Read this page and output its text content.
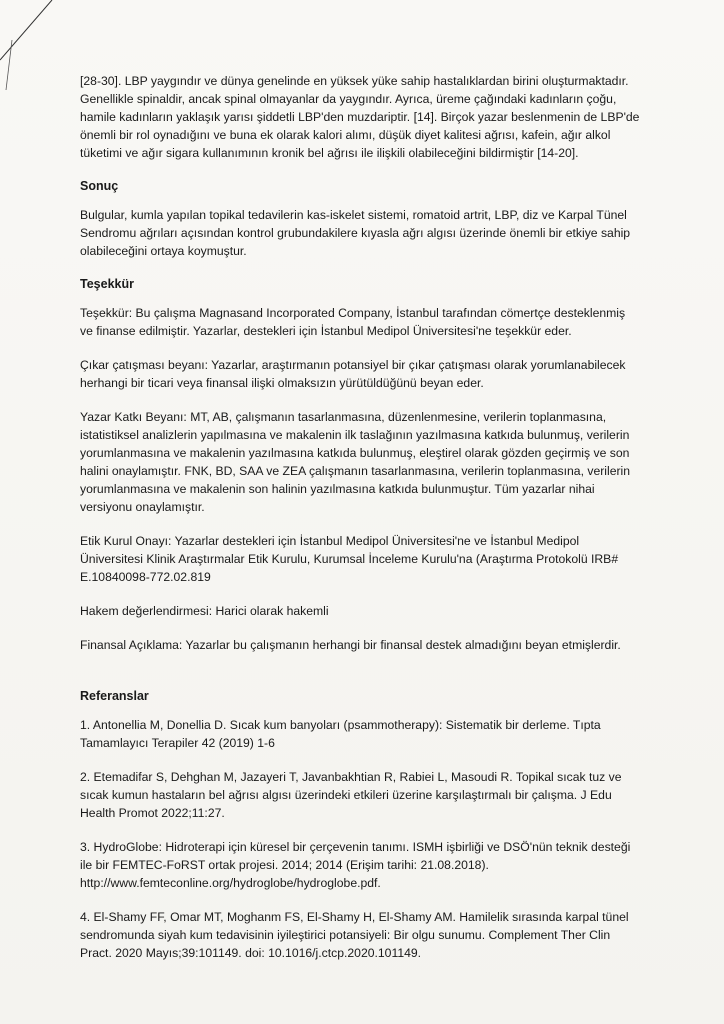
[28-30]. LBP yaygındır ve dünya genelinde en yüksek yüke sahip hastalıklardan birini oluşturmaktadır. Genellikle spinaldir, ancak spinal olmayanlar da yaygındır. Ayrıca, üreme çağındaki kadınların çoğu, hamile kadınların yaklaşık yarısı şiddetli LBP'den muzdariptir. [14]. Birçok yazar beslenmenin de LBP'de önemli bir rol oynadığını ve buna ek olarak kalori alımı, düşük diyet kalitesi ağrısı, kafein, ağır alkol tüketimi ve ağır sigara kullanımının kronik bel ağrısı ile ilişkili olabileceğini bildirmiştir [14-20].

Sonuç

Bulgular, kumla yapılan topikal tedavilerin kas-iskelet sistemi, romatoid artrit, LBP, diz ve Karpal Tünel Sendromu ağrıları açısından kontrol grubundakilere kıyasla ağrı algısı üzerinde önemli bir etkiye sahip olabileceğini ortaya koymuştur.

Teşekkür

Teşekkür: Bu çalışma Magnasand Incorporated Company, İstanbul tarafından cömertçe desteklenmiş ve finanse edilmiştir. Yazarlar, destekleri için İstanbul Medipol Üniversitesi'ne teşekkür eder.

Çıkar çatışması beyanı: Yazarlar, araştırmanın potansiyel bir çıkar çatışması olarak yorumlanabilecek herhangi bir ticari veya finansal ilişki olmaksızın yürütüldüğünü beyan eder.

Yazar Katkı Beyanı: MT, AB, çalışmanın tasarlanmasına, düzenlenmesine, verilerin toplanmasına, istatistiksel analizlerin yapılmasına ve makalenin ilk taslağının yazılmasına katkıda bulunmuş, verilerin yorumlanmasına ve makalenin yazılmasına katkıda bulunmuş, eleştirel olarak gözden geçirmiş ve son halini onaylamıştır. FNK, BD, SAA ve ZEA çalışmanın tasarlanmasına, verilerin toplanmasına, verilerin yorumlanmasına ve makalenin son halinin yazılmasına katkıda bulunmuştur. Tüm yazarlar nihai versiyonu onaylamıştır.

Etik Kurul Onayı: Yazarlar destekleri için İstanbul Medipol Üniversitesi'ne ve İstanbul Medipol Üniversitesi Klinik Araştırmalar Etik Kurulu, Kurumsal İnceleme Kurulu'na (Araştırma Protokolü IRB# E.10840098-772.02.819

Hakem değerlendirmesi: Harici olarak hakemli

Finansal Açıklama: Yazarlar bu çalışmanın herhangi bir finansal destek almadığını beyan etmişlerdir.

Referanslar

1. Antonellia M, Donellia D. Sıcak kum banyoları (psammotherapy): Sistematik bir derleme. Tıpta Tamamlayıcı Terapiler 42 (2019) 1-6

2. Etemadifar S, Dehghan M, Jazayeri T, Javanbakhtian R, Rabiei L, Masoudi R. Topikal sıcak tuz ve sıcak kumun hastaların bel ağrısı algısı üzerindeki etkileri üzerine karşılaştırmalı bir çalışma. J Edu Health Promot 2022;11:27.

3. HydroGlobe: Hidroterapi için küresel bir çerçevenin tanımı. ISMH işbirliği ve DSÖ'nün teknik desteği ile bir FEMTEC-FoRST ortak projesi. 2014; 2014 (Erişim tarihi: 21.08.2018). http://www.femteconline.org/hydroglobe/hydroglobe.pdf.

4. El-Shamy FF, Omar MT, Moghanm FS, El-Shamy H, El-Shamy AM. Hamilelik sırasında karpal tünel sendromunda siyah kum tedavisinin iyileştirici potansiyeli: Bir olgu sunumu. Complement Ther Clin Pract. 2020 Mayıs;39:101149. doi: 10.1016/j.ctcp.2020.101149.
